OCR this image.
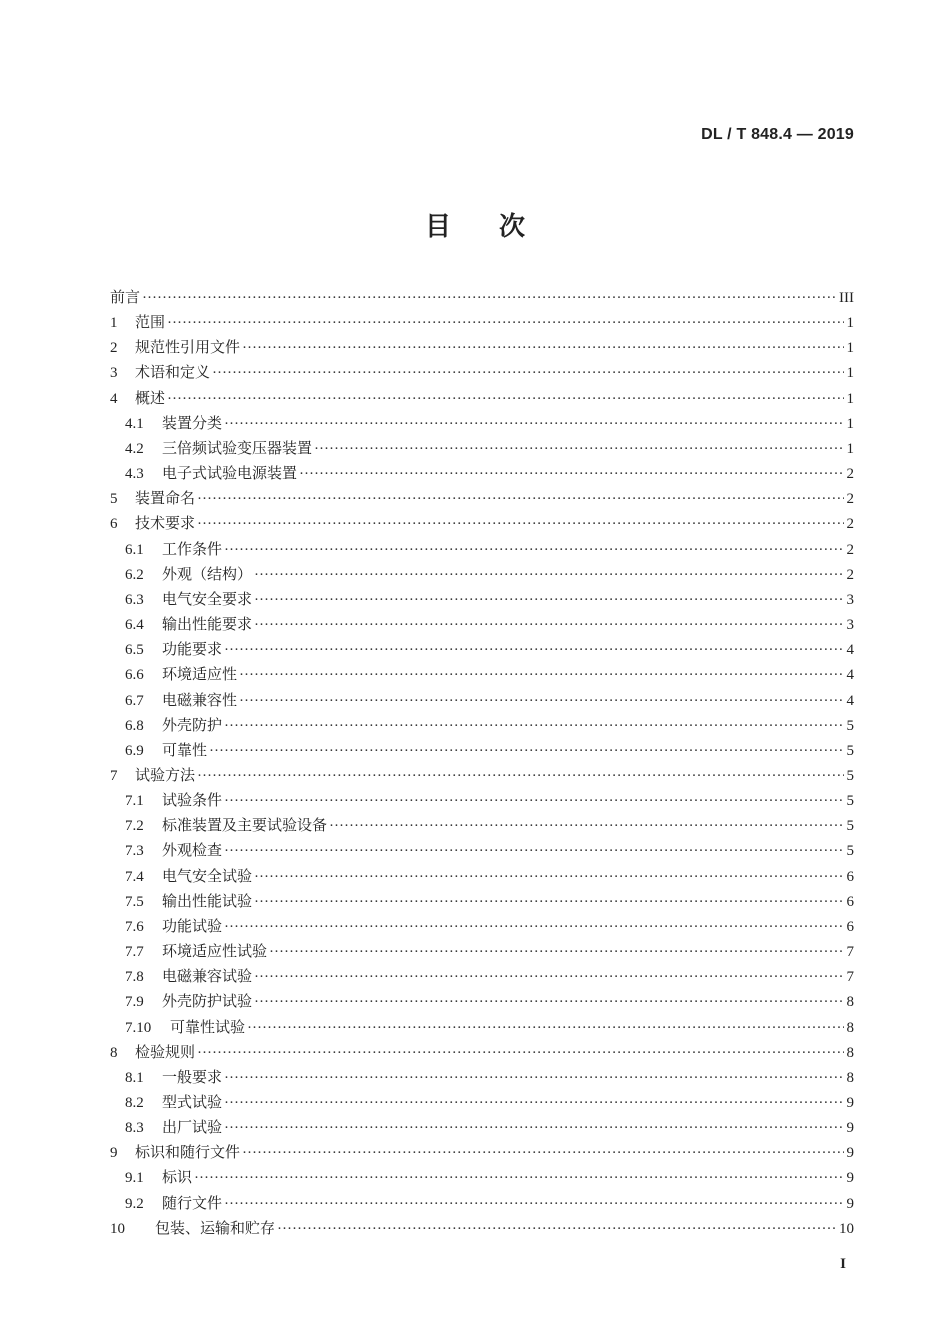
DL / T 848.4 — 2019
目次
前言 ·····	III
1	范围 ·····	1
2	规范性引用文件 ·····	1
3	术语和定义 ·····	1
4	概述 ·····	1
4.1	装置分类 ·····	1
4.2	三倍频试验变压器装置 ·····	1
4.3	电子式试验电源装置 ·····	2
5	装置命名 ·····	2
6	技术要求 ·····	2
6.1	工作条件 ·····	2
6.2	外观（结构） ·····	2
6.3	电气安全要求 ·····	3
6.4	输出性能要求 ·····	3
6.5	功能要求 ·····	4
6.6	环境适应性 ·····	4
6.7	电磁兼容性 ·····	4
6.8	外壳防护 ·····	5
6.9	可靠性 ·····	5
7	试验方法 ·····	5
7.1	试验条件 ·····	5
7.2	标准装置及主要试验设备 ·····	5
7.3	外观检查 ·····	5
7.4	电气安全试验 ·····	6
7.5	输出性能试验 ·····	6
7.6	功能试验 ·····	6
7.7	环境适应性试验 ·····	7
7.8	电磁兼容试验 ·····	7
7.9	外壳防护试验 ·····	8
7.10	可靠性试验 ·····	8
8	检验规则 ·····	8
8.1	一般要求 ·····	8
8.2	型式试验 ·····	9
8.3	出厂试验 ·····	9
9	标识和随行文件 ·····	9
9.1	标识 ·····	9
9.2	随行文件 ·····	9
10	包装、运输和贮存 ·····	10
I
